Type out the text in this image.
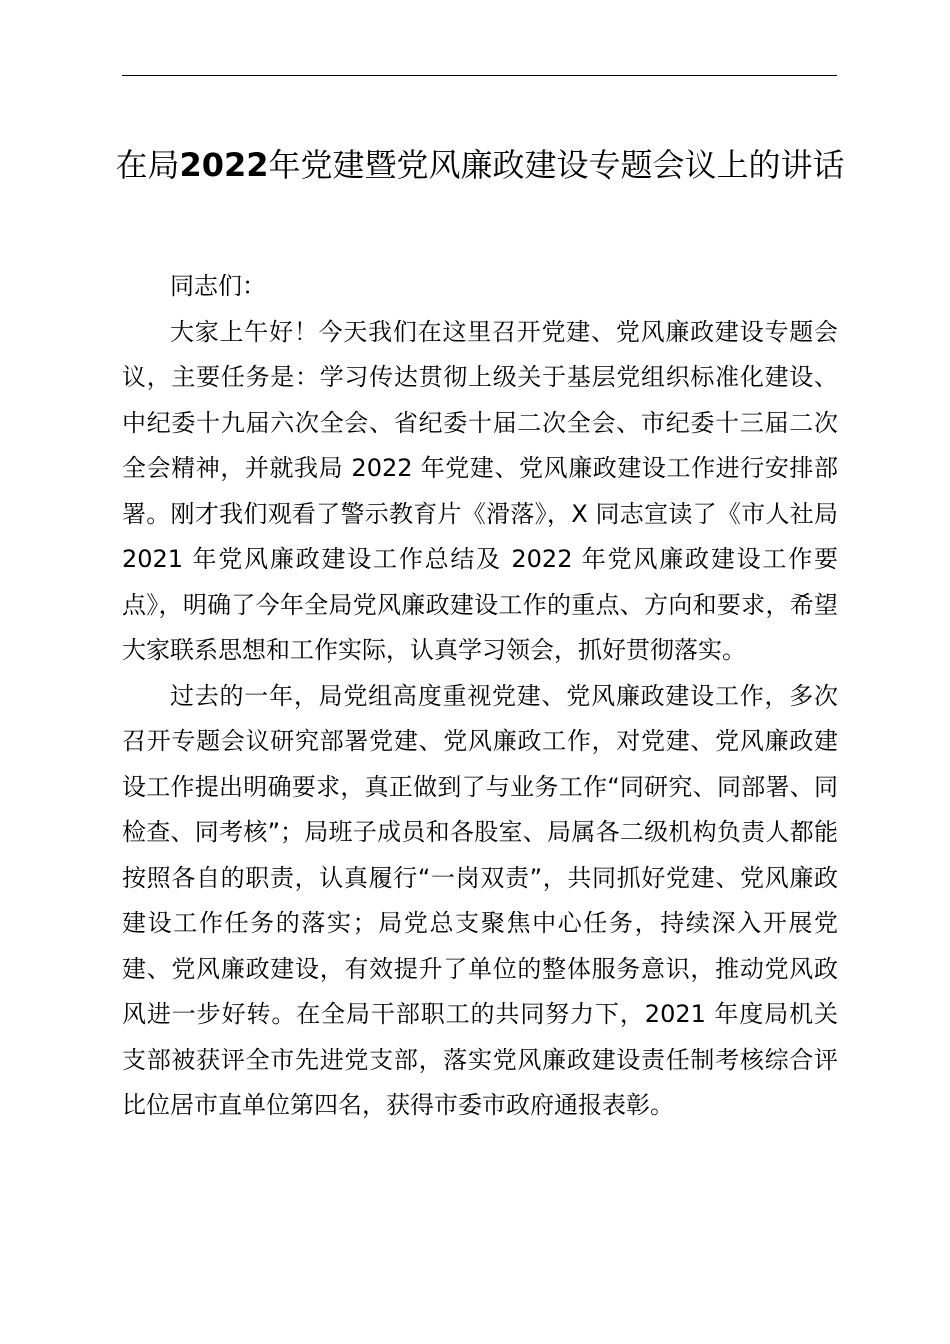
在局2022年党建暨党风廉政建设专题会议上的讲话

同志们：

大家上午好！今天我们在这里召开党建、党风廉政建设专题会议，主要任务是：学习传达贯彻上级关于基层党组织标准化建设、中纪委十九届六次全会、省纪委十届二次全会、市纪委十三届二次全会精神，并就我局 2022 年党建、党风廉政建设工作进行安排部署。刚才我们观看了警示教育片《滑落》，X 同志宣读了《市人社局 2021 年党风廉政建设工作总结及 2022 年党风廉政建设工作要点》，明确了今年全局党风廉政建设工作的重点、方向和要求，希望大家联系思想和工作实际，认真学习领会，抓好贯彻落实。

过去的一年，局党组高度重视党建、党风廉政建设工作，多次召开专题会议研究部署党建、党风廉政工作，对党建、党风廉政建设工作提出明确要求，真正做到了与业务工作“同研究、同部署、同检查、同考核”；局班子成员和各股室、局属各二级机构负责人都能按照各自的职责，认真履行“一岗双责”，共同抓好党建、党风廉政建设工作任务的落实；局党总支聚焦中心任务，持续深入开展党建、党风廉政建设，有效提升了单位的整体服务意识，推动党风政风进一步好转。在全局干部职工的共同努力下，2021 年度局机关支部被获评全市先进党支部，落实党风廉政建设责任制考核综合评比位居市直单位第四名，获得市委市政府通报表彰。
